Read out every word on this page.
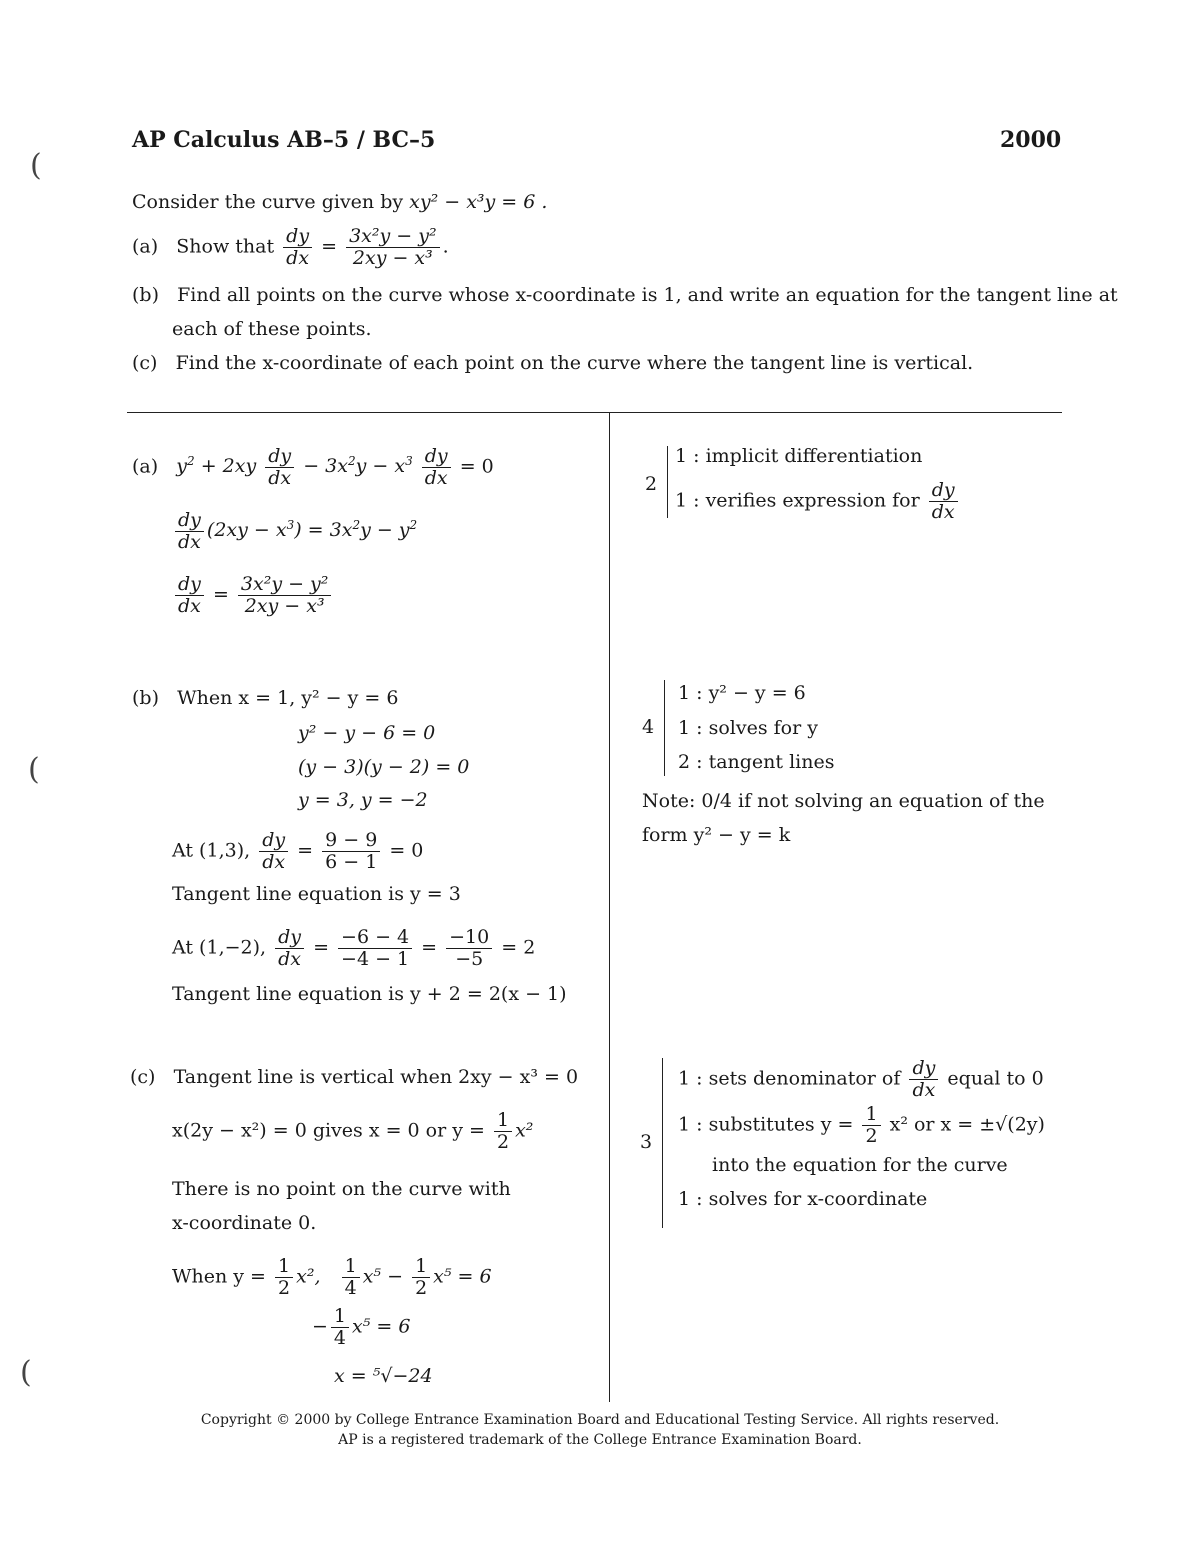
(
(
(
AP Calculus AB–5 / BC–5	2000
Consider the curve given by xy² − x³y = 6 .
(a) Show that $\frac{dy}{dx} = \frac{\text{3x²y − y²}}{\text{2xy − x³}}$ .
(b) Find all points on the curve whose x-coordinate is 1, and write an equation for the tangent line at
each of these points.
(c) Find the x-coordinate of each point on the curve where the tangent line is vertical.
(a) $y^2 + 2xy \frac{dy}{dx} - 3x^2y - x^3 \frac{dy}{dx} = 0$
$\frac{dy}{dx} (2xy - x^3) = 3x^2y - y^2$
$\frac{dy}{dx} = \frac{\text{3x²y − y²}}{\text{2xy − x³}}$
2
1 : implicit differentiation
1 : verifies expression for $\frac{dy}{dx}$
(b) When x = 1, y² − y = 6
y² − y − 6 = 0
(y − 3)(y − 2) = 0
y = 3, y = −2
At (1,3), $\frac{dy}{dx} = \frac{9 - 9}{6 - 1} = 0$
Tangent line equation is y = 3
At (1,−2), $\frac{dy}{dx} = \frac{-6 - 4}{-4 - 1} = \frac{-10}{-5} = 2$
Tangent line equation is y + 2 = 2(x − 1)
4
1 : y² − y = 6
1 : solves for y
2 : tangent lines
Note: 0/4 if not solving an equation of the
form y² − y = k
(c) Tangent line is vertical when 2xy − x³ = 0
x(2y − x²) = 0 gives x = 0 or $y = \frac{1}{2} x^2$
There is no point on the curve with
x-coordinate 0.
When $y = \frac{1}{2} x^2$, $\frac{1}{4} x^5 - \frac{1}{2} x^5 = 6$
− $\frac{1}{4} x^5 = 6$
x = ⁵√−24
3
1 : sets denominator of $\frac{dy}{dx}$ equal to 0
1 : substitutes $y = \frac{1}{2} x^2$ or x = ±√(2y)
into the equation for the curve
1 : solves for x-coordinate
Copyright © 2000 by College Entrance Examination Board and Educational Testing Service. All rights reserved.
AP is a registered trademark of the College Entrance Examination Board.
